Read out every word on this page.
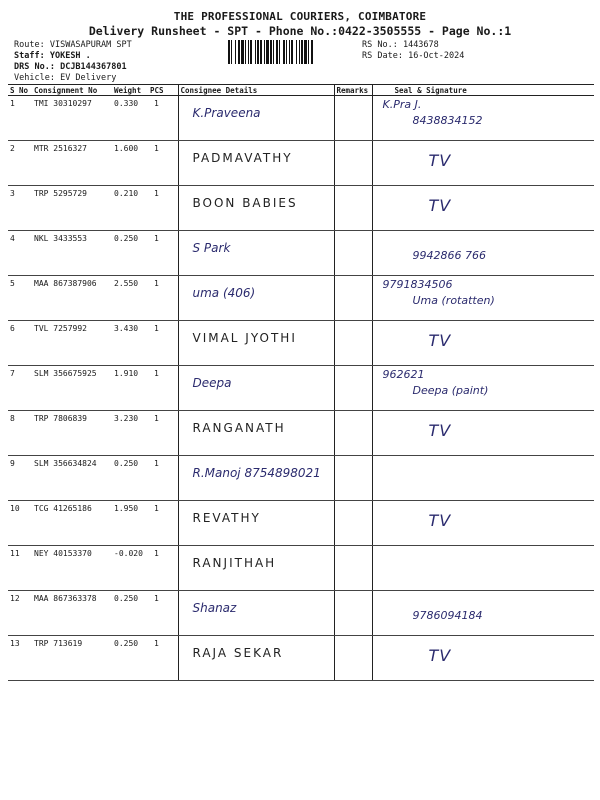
THE PROFESSIONAL COURIERS, COIMBATORE
Delivery Runsheet - SPT - Phone No.:0422-3505555 - Page No.:1
Route: VISWASAPURAM SPT
Staff: YOKESH .
DRS No.: DCJB144367801
Vehicle: EV Delivery
RS No.: 1443678
RS Date: 16-Oct-2024
S No	Consignment No	Weight	PCS	Consignee Details	Remarks	Seal & Signature
1	TMI 30310297	0.330	1	K.Praveena		K.Pra J.
8438834152

2	MTR 2516327	1.600	1	PADMAVATHY		TV

3	TRP 5295729	0.210	1	BOON BABIES		TV

4	NKL 3433553	0.250	1	S Park		9942866 766

5	MAA 867387906	2.550	1	uma (406)		9791834506
Uma (rotatten)

6	TVL 7257992	3.430	1	VIMAL JYOTHI		TV

7	SLM 356675925	1.910	1	Deepa		962621
Deepa (paint)

8	TRP 7806839	3.230	1	RANGANATH		TV

9	SLM 356634824	0.250	1	R.Manoj 8754898021		

10	TCG 41265186	1.950	1	REVATHY		TV

11	NEY 40153370	-0.020	1	RANJITHAH		

12	MAA 867363378	0.250	1	Shanaz		9786094184

13	TRP 713619	0.250	1	RAJA SEKAR		TV
